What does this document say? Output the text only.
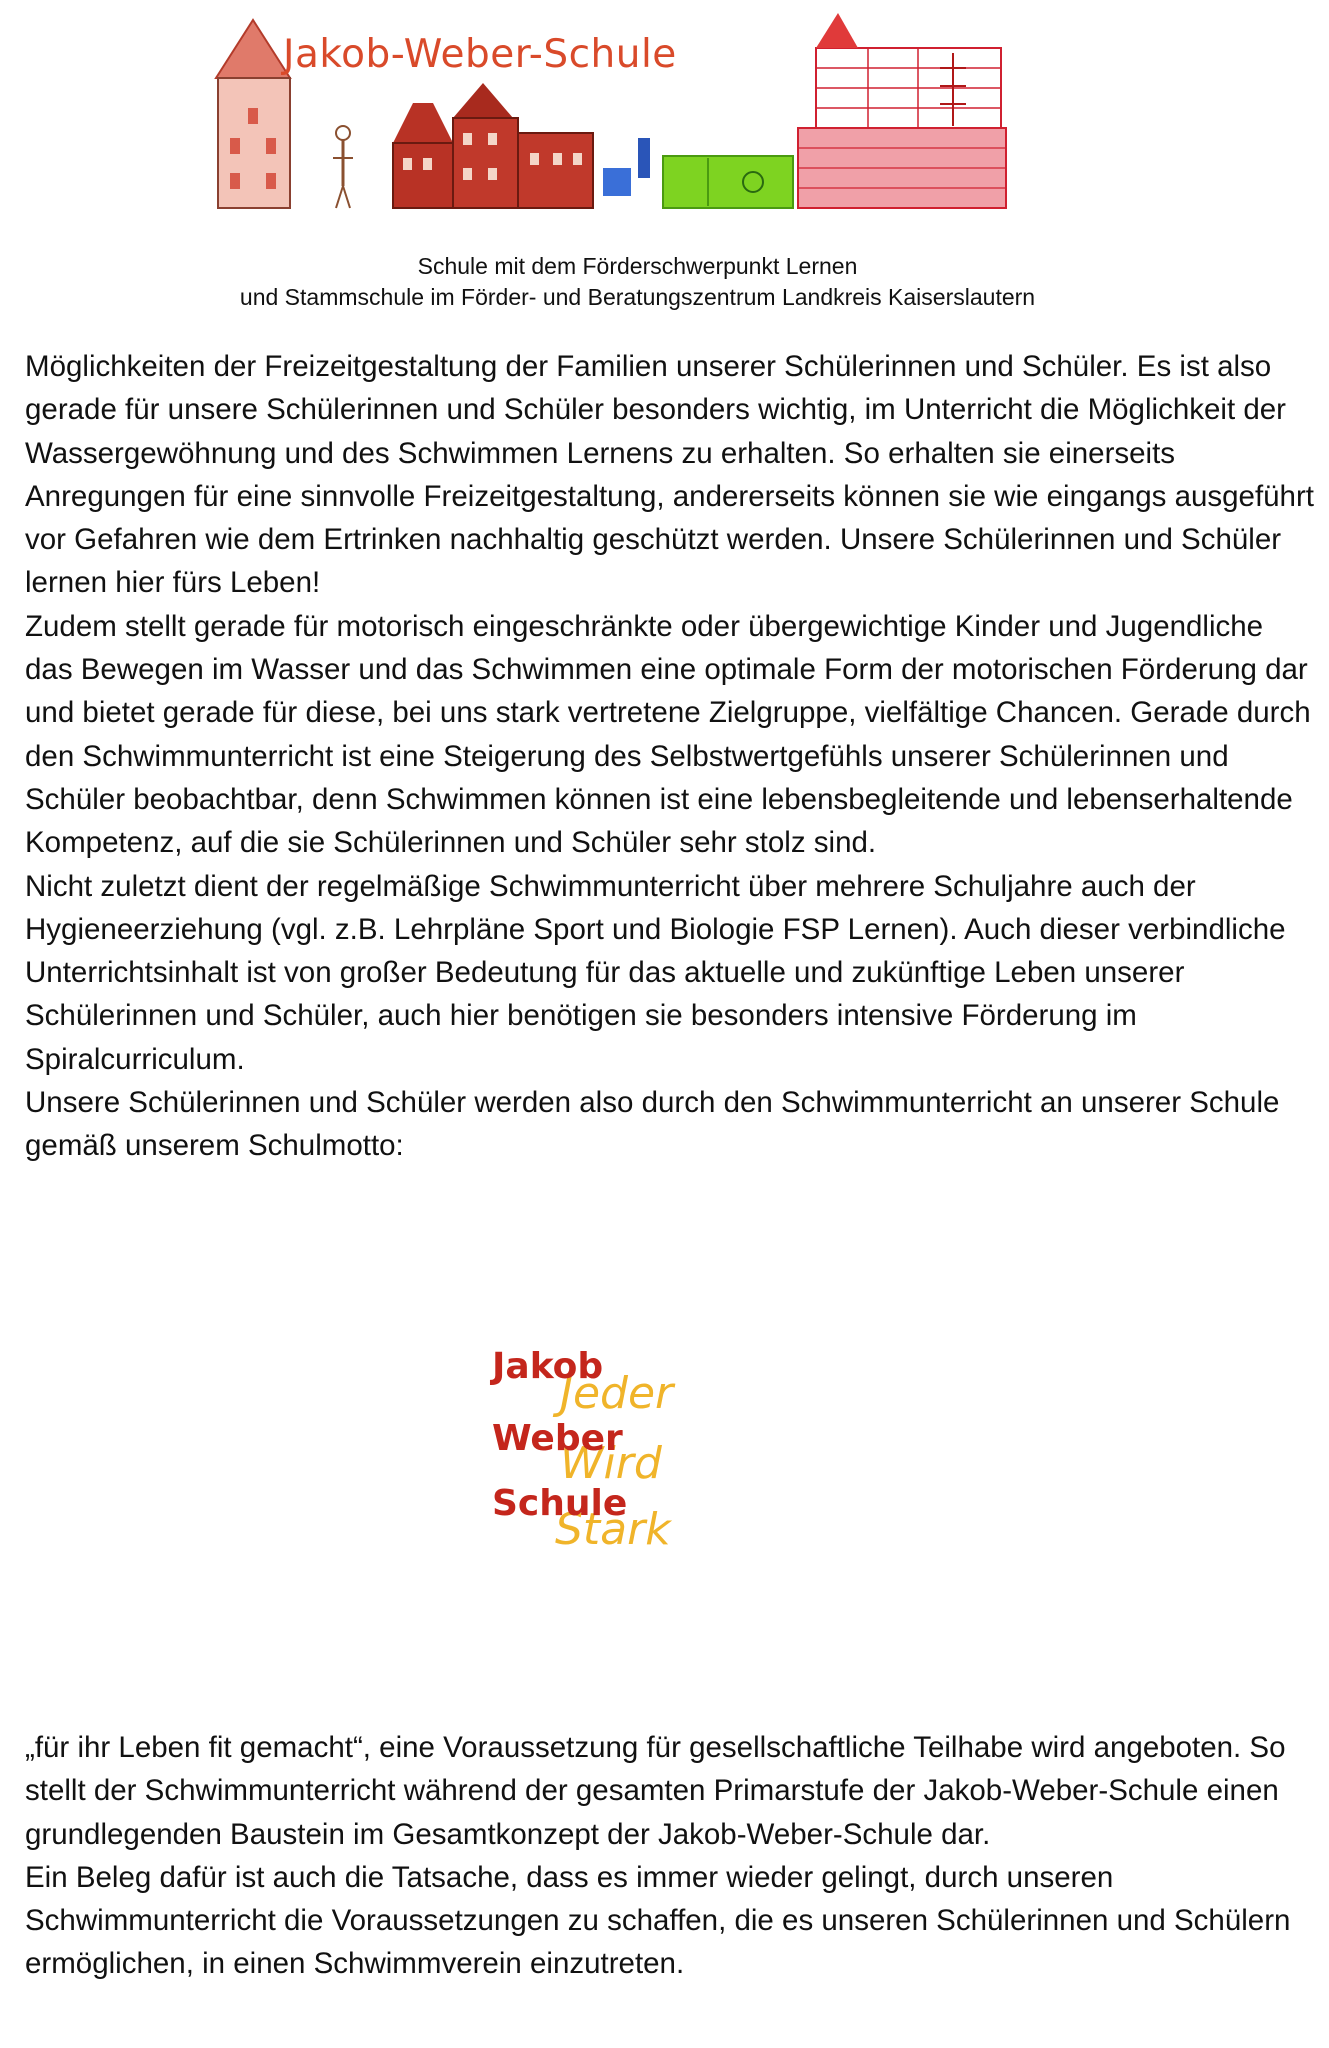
Jakob-Weber-Schule
Schule mit dem Förderschwerpunkt Lernen
und Stammschule im Förder- und Beratungszentrum Landkreis Kaiserslautern

Möglichkeiten der Freizeitgestaltung der Familien unserer Schülerinnen und Schüler. Es ist also gerade für unsere Schülerinnen und Schüler besonders wichtig, im Unterricht die Möglichkeit der Wassergewöhnung und des Schwimmen Lernens zu erhalten. So erhalten sie einerseits Anregungen für eine sinnvolle Freizeitgestaltung, andererseits können sie wie eingangs ausgeführt vor Gefahren wie dem Ertrinken nachhaltig geschützt werden. Unsere Schülerinnen und Schüler lernen hier fürs Leben!

Zudem stellt gerade für motorisch eingeschränkte oder übergewichtige Kinder und Jugendliche das Bewegen im Wasser und das Schwimmen eine optimale Form der motorischen Förderung dar und bietet gerade für diese, bei uns stark vertretene Zielgruppe, vielfältige Chancen. Gerade durch den Schwimmunterricht ist eine Steigerung des Selbstwertgefühls unserer Schülerinnen und Schüler beobachtbar, denn Schwimmen können ist eine lebensbegleitende und lebenserhaltende Kompetenz, auf die sie Schülerinnen und Schüler sehr stolz sind.

Nicht zuletzt dient der regelmäßige Schwimmunterricht über mehrere Schuljahre auch der Hygieneerziehung (vgl. z.B. Lehrpläne Sport und Biologie FSP Lernen). Auch dieser verbindliche Unterrichtsinhalt ist von großer Bedeutung für das aktuelle und zukünftige Leben unserer Schülerinnen und Schüler, auch hier benötigen sie besonders intensive Förderung im Spiralcurriculum.

Unsere Schülerinnen und Schüler werden also durch den Schwimmunterricht an unserer Schule gemäß unserem Schulmotto:

Jeder
Jakob
Wird
Weber
Stark
Schule

„für ihr Leben fit gemacht“, eine Voraussetzung für gesellschaftliche Teilhabe wird angeboten. So stellt der Schwimmunterricht während der gesamten Primarstufe der Jakob-Weber-Schule einen grundlegenden Baustein im Gesamtkonzept der Jakob-Weber-Schule dar.

Ein Beleg dafür ist auch die Tatsache, dass es immer wieder gelingt, durch unseren Schwimmunterricht die Voraussetzungen zu schaffen, die es unseren Schülerinnen und Schülern ermöglichen, in einen Schwimmverein einzutreten.
